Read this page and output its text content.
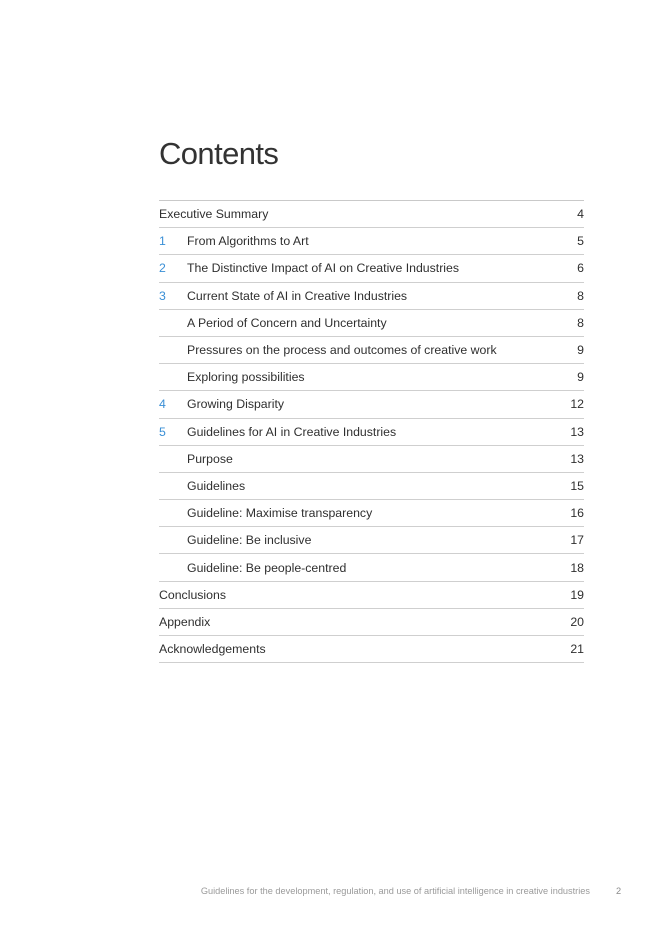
Contents
Executive Summary	4
1	From Algorithms to Art	5
2	The Distinctive Impact of AI on Creative Industries	6
3	Current State of AI in Creative Industries	8
A Period of Concern and Uncertainty	8
Pressures on the process and outcomes of creative work	9
Exploring possibilities	9
4	Growing Disparity	12
5	Guidelines for AI in Creative Industries	13
Purpose	13
Guidelines	15
Guideline: Maximise transparency	16
Guideline: Be inclusive	17
Guideline: Be people-centred	18
Conclusions	19
Appendix	20
Acknowledgements	21
Guidelines for the development, regulation, and use of artificial intelligence in creative industries	2
